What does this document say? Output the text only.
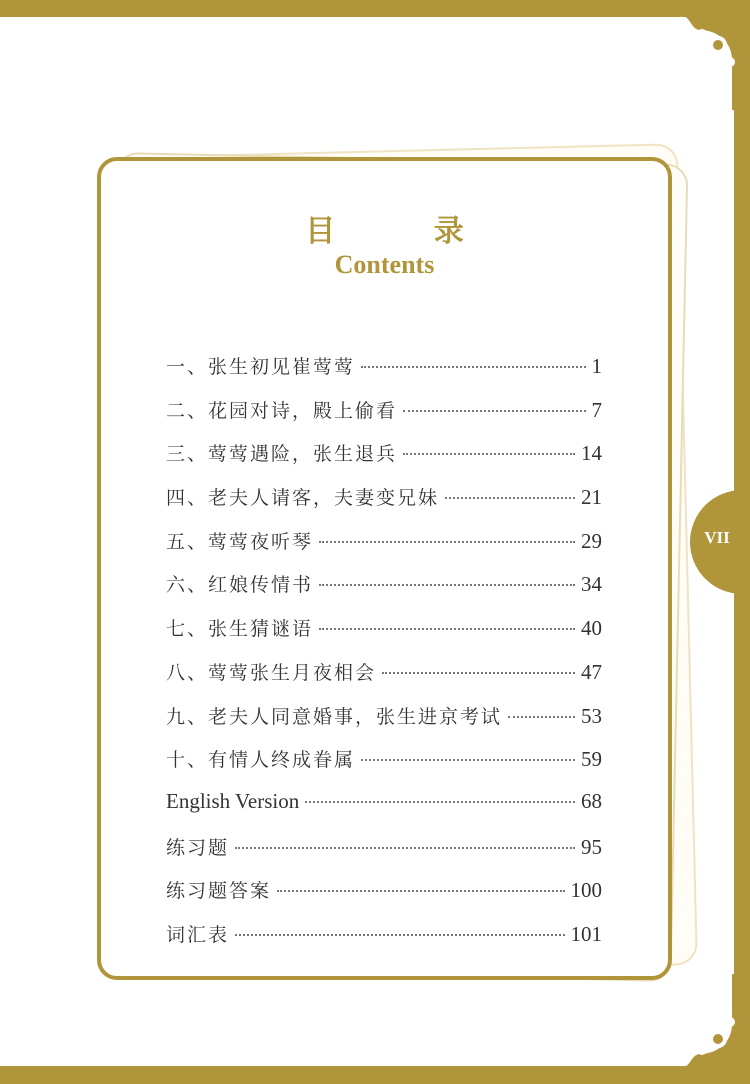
VII
目 录
Contents
一、张生初见崔莺莺	1
二、花园对诗，殿上偷看	7
三、莺莺遇险，张生退兵	14
四、老夫人请客，夫妻变兄妹	21
五、莺莺夜听琴	29
六、红娘传情书	34
七、张生猜谜语	40
八、莺莺张生月夜相会	47
九、老夫人同意婚事，张生进京考试	53
十、有情人终成眷属	59
English Version	68
练习题	95
练习题答案	100
词汇表	101
